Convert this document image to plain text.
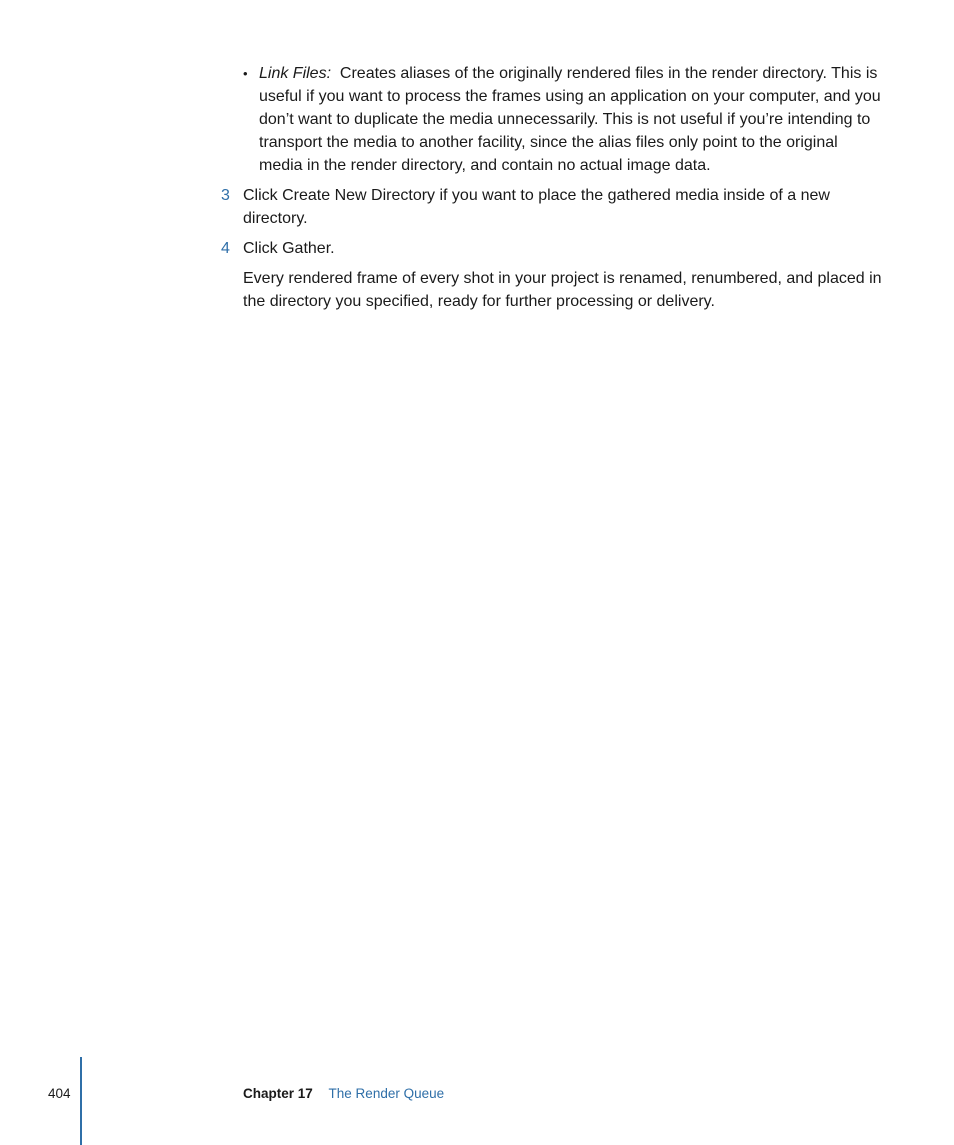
• Link Files: Creates aliases of the originally rendered files in the render directory. This is useful if you want to process the frames using an application on your computer, and you don’t want to duplicate the media unnecessarily. This is not useful if you’re intending to transport the media to another facility, since the alias files only point to the original media in the render directory, and contain no actual image data.
3 Click Create New Directory if you want to place the gathered media inside of a new directory.
4 Click Gather.
Every rendered frame of every shot in your project is renamed, renumbered, and placed in the directory you specified, ready for further processing or delivery.
404	Chapter 17 The Render Queue
